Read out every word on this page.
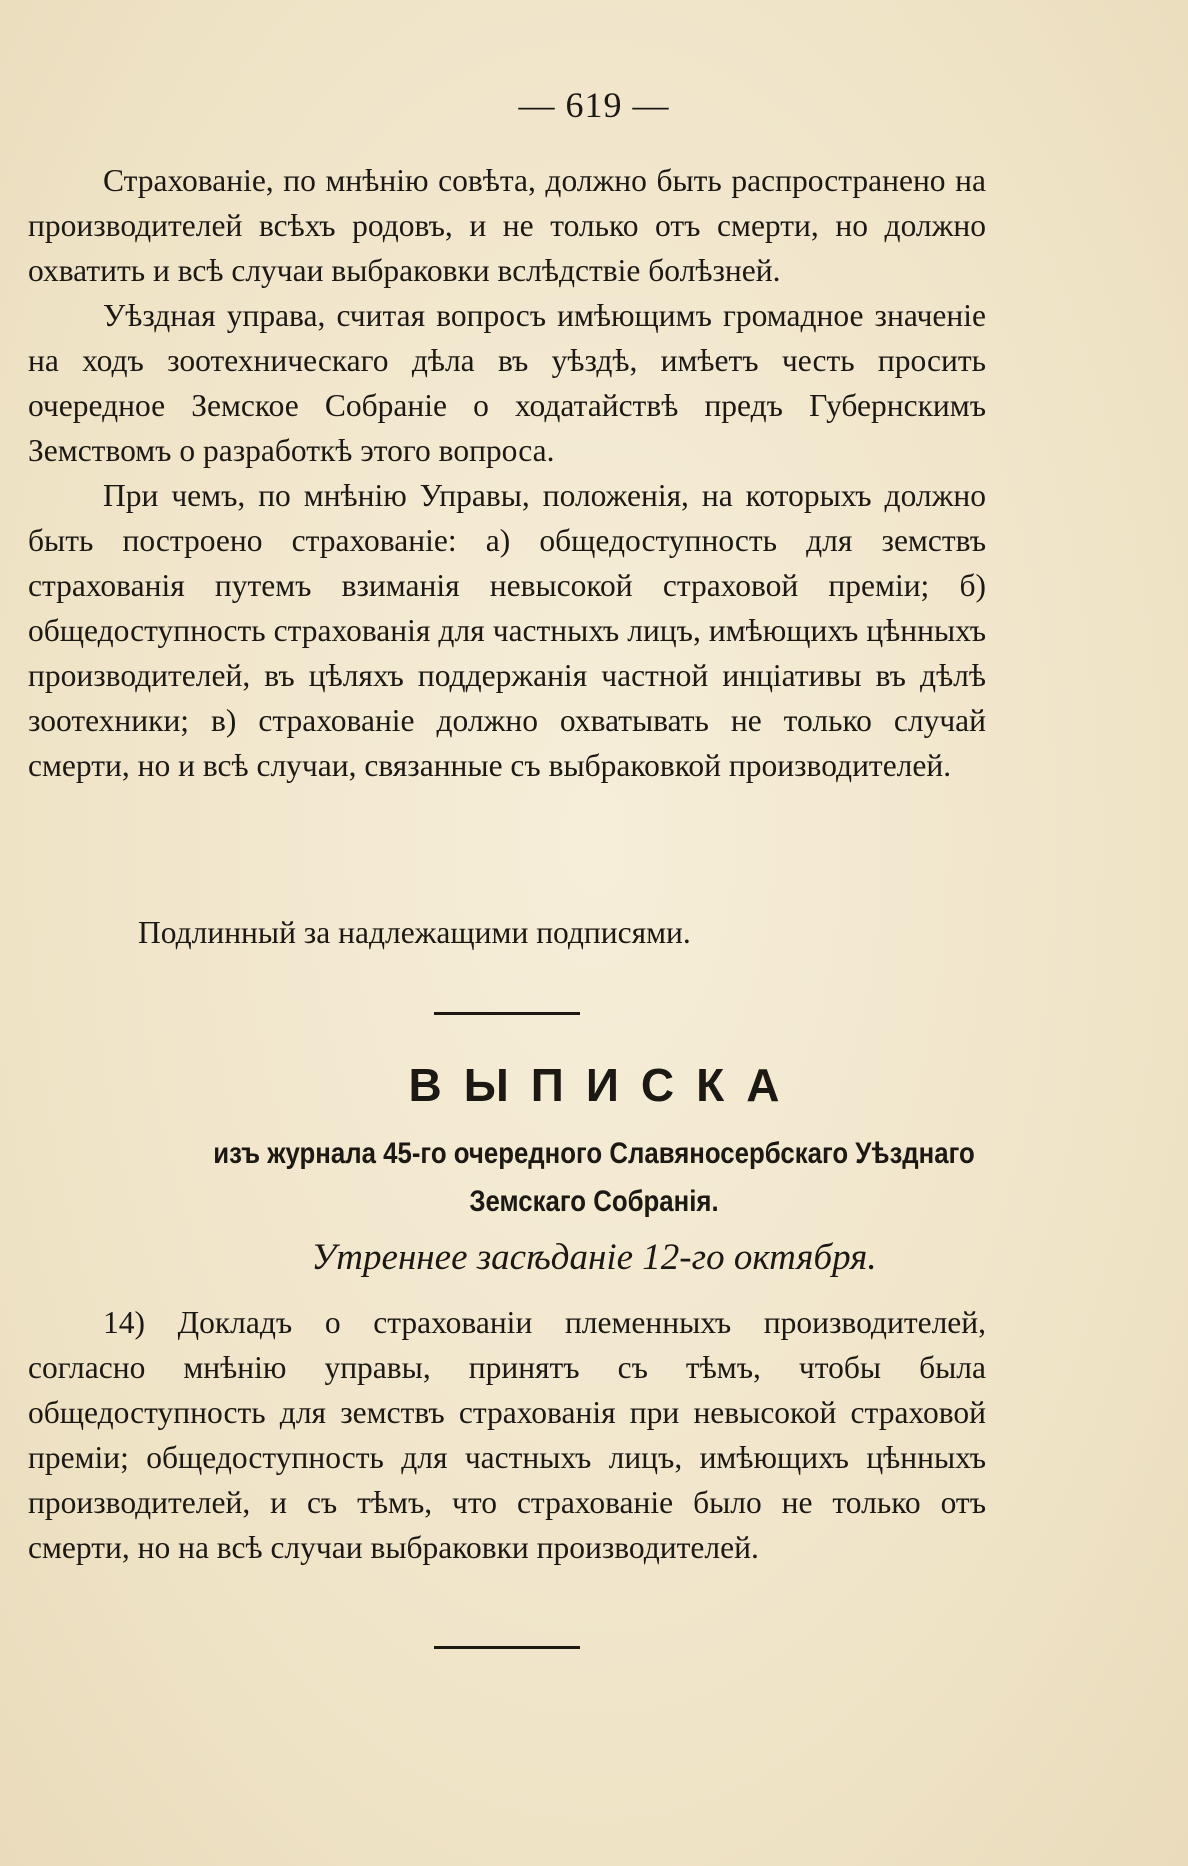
— 619 —

Страхованіе, по мнѣнію совѣта, должно быть распространено на производителей всѣхъ родовъ, и не только отъ смерти, но должно охватить и всѣ случаи выбраковки вслѣдствіе болѣзней.

Уѣздная управа, считая вопросъ имѣющимъ громадное значеніе на ходъ зоотехническаго дѣла въ уѣздѣ, имѣетъ честь просить очередное Земское Собраніе о ходатайствѣ предъ Губернскимъ Земствомъ о разработкѣ этого вопроса.

При чемъ, по мнѣнію Управы, положенія, на которыхъ должно быть построено страхованіе: а) общедоступность для земствъ страхованія путемъ взиманія невысокой страховой преміи; б) общедоступность страхованія для частныхъ лицъ, имѣющихъ цѣнныхъ производителей, въ цѣляхъ поддержанія частной инціативы въ дѣлѣ зоотехники; в) страхованіе должно охватывать не только случай смерти, но и всѣ случаи, связанные съ выбраковкой производителей.

Подлинный за надлежащими подписями.
ВЫПИСКА
изъ журнала 45-го очередного Славяносербскаго Уѣзднаго
Земскаго Собранія.
Утреннее засѣданіе 12-го октября.

14) Докладъ о страхованіи племенныхъ производителей, согласно мнѣнію управы, принятъ съ тѣмъ, чтобы была общедоступность для земствъ страхованія при невысокой страховой преміи; общедоступность для частныхъ лицъ, имѣющихъ цѣнныхъ производителей, и съ тѣмъ, что страхованіе было не только отъ смерти, но на всѣ случаи выбраковки производителей.
